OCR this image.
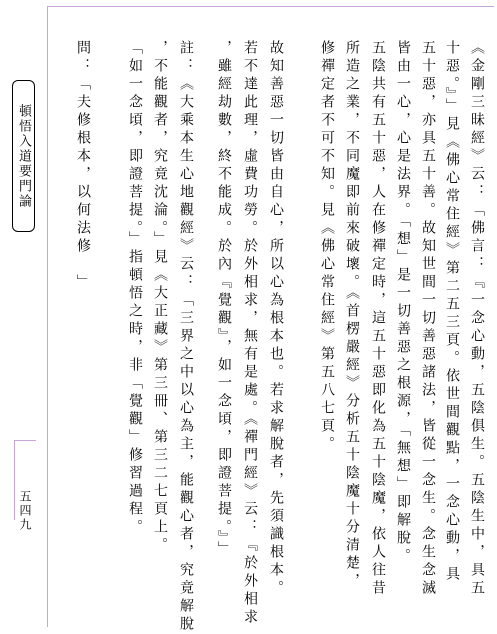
頓悟入道要門論
五四九	《金剛三昧經》云：「佛言：『一念心動，五陰俱生。五陰生中，具五
十惡。』」見《佛心常住經》第二五三頁。依世間觀點，一念心動，具
五十惡，亦具五十善。故知世間一切善惡諸法，皆從一念生。念生念滅
皆由一心，心是法界。「想」是一切善惡之根源，「無想」即解脫。
五陰共有五十惡，人在修禪定時，這五十惡即化為五十陰魔，依人往昔
所造之業，不同魔即前來破壞。《首楞嚴經》分析五十陰魔十分清楚，
修禪定者不可不知。見《佛心常住經》第五八七頁。
故知善惡一切皆由自心，所以心為根本也。若求解脫者，先須識根本。
若不達此理，虛費功勞。於外相求，無有是處。《禪門經》云：『於外相求
，雖經劫數，終不能成。於內『覺觀』，如一念頃，即證菩提。』」
註：《大乘本生心地觀經》云：「三界之中以心為主，能觀心者，究竟解脫
，不能觀者，究竟沈淪。」見《大正藏》第三冊、第三二七頁上。
「如一念頃，即證菩提。」指頓悟之時，非「覺觀」修習過程。
問：「夫修根本，以何法修　」
